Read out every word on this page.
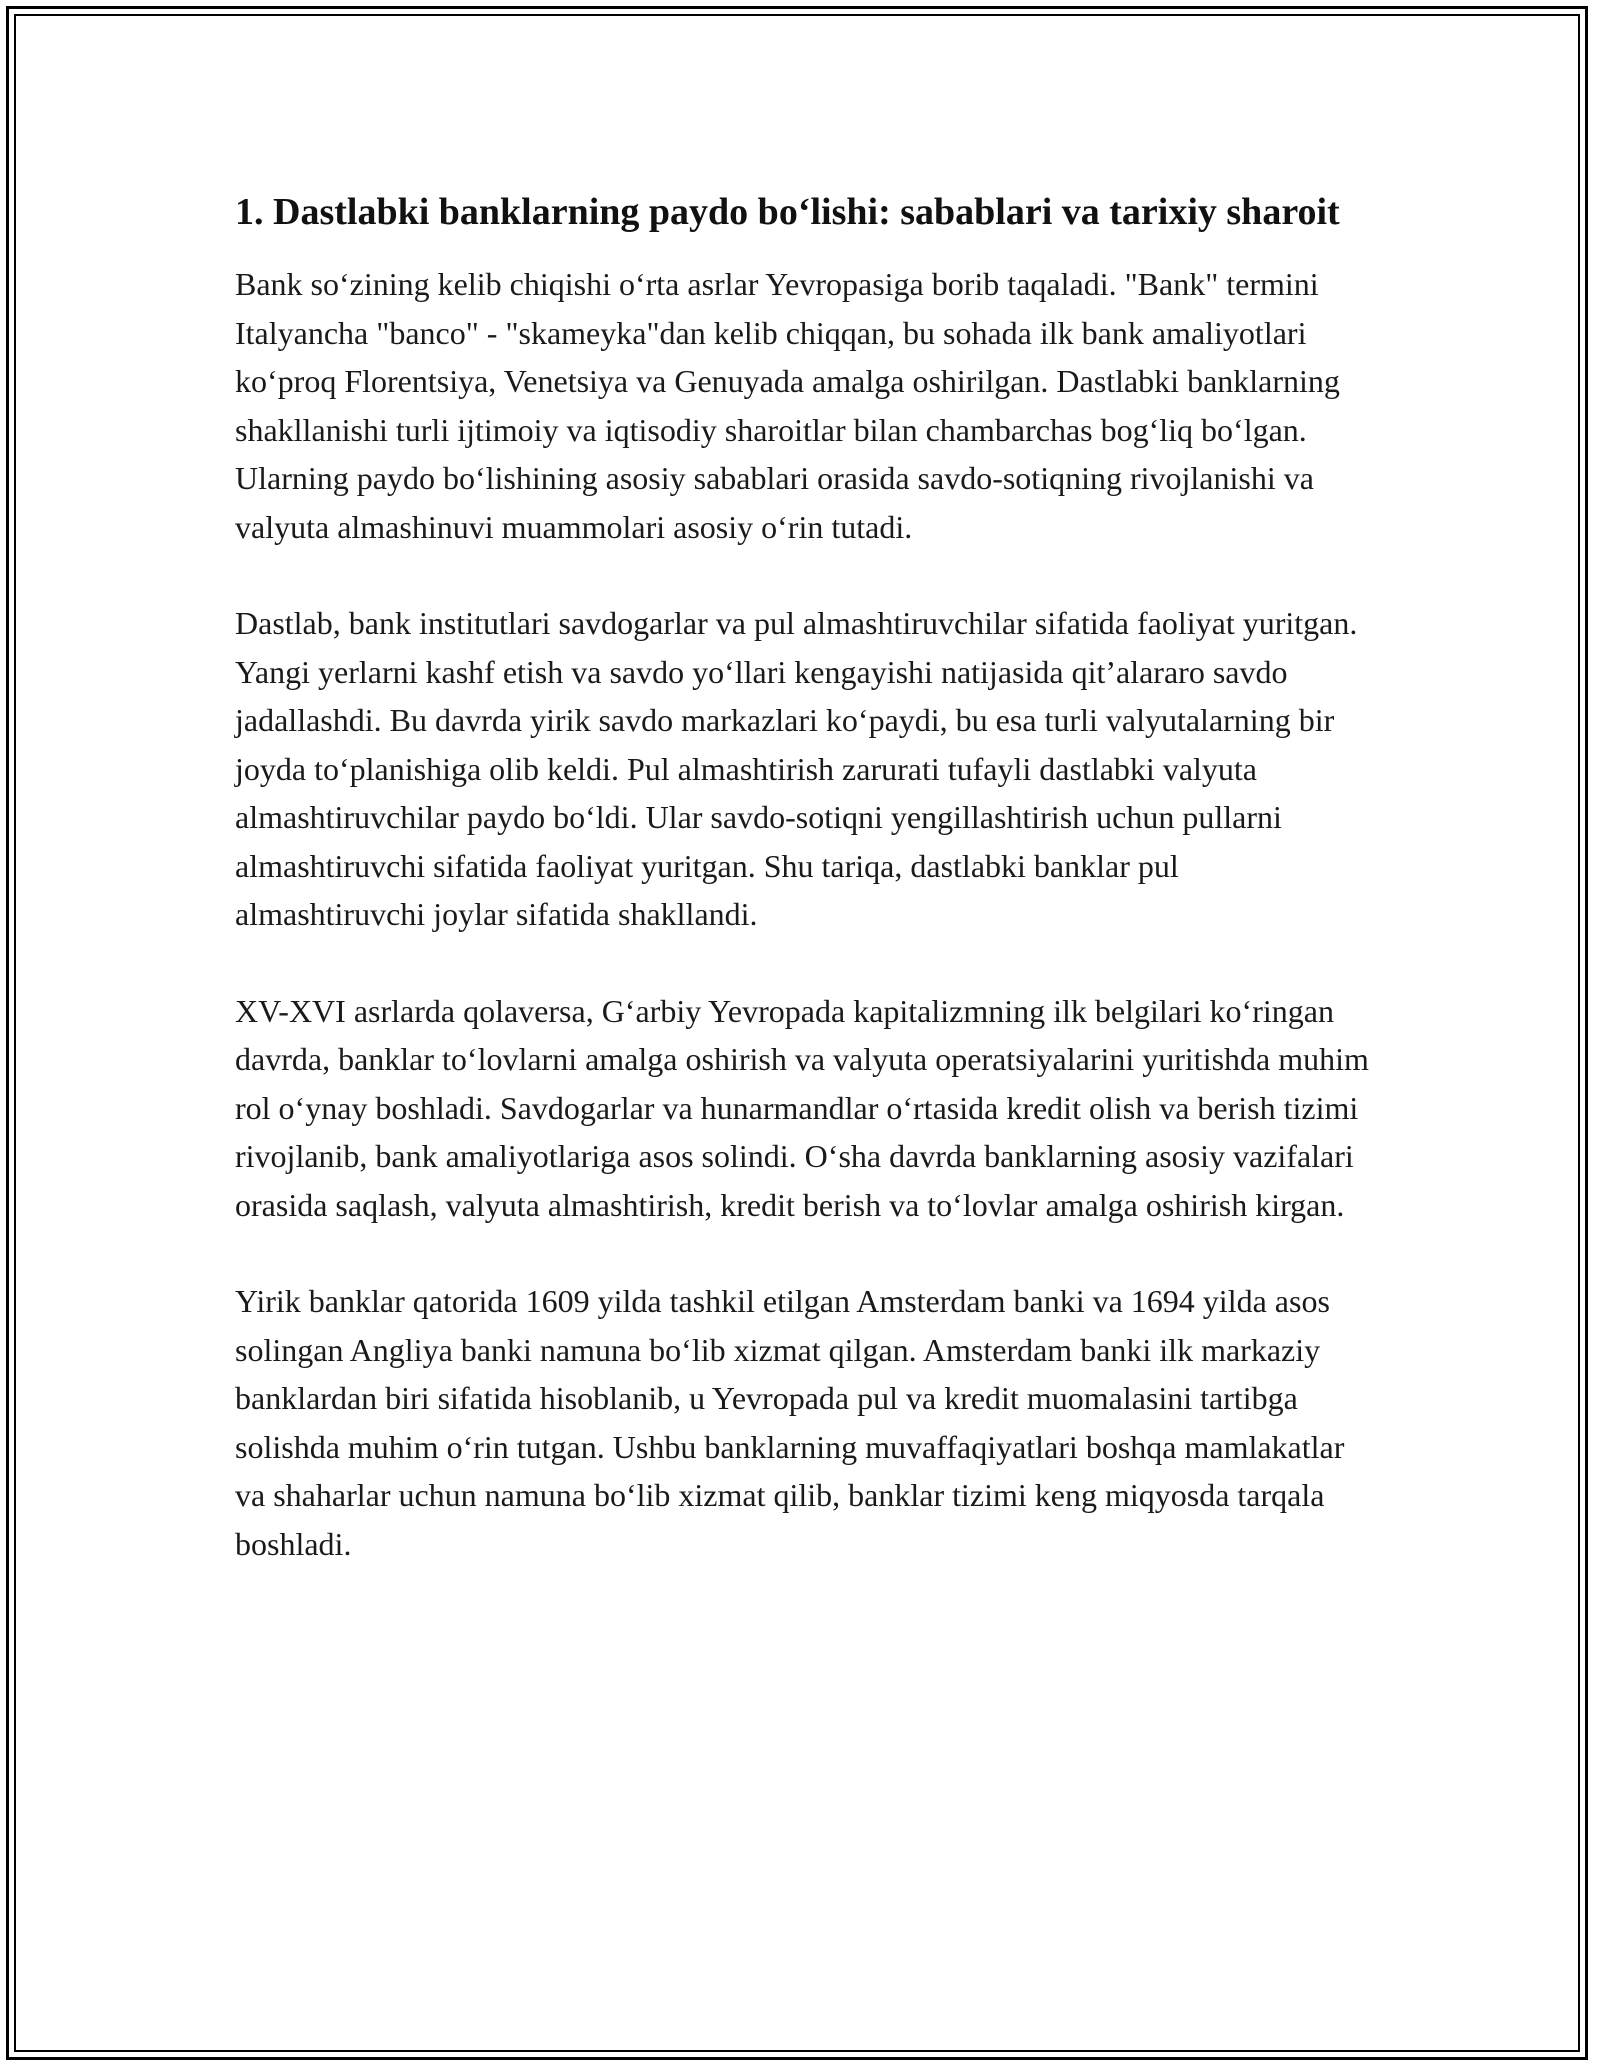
1. Dastlabki banklarning paydo bo‘lishi: sabablari va tarixiy sharoit

Bank so‘zining kelib chiqishi o‘rta asrlar Yevropasiga borib taqaladi. "Bank" termini Italyancha "banco" - "skameyka"dan kelib chiqqan, bu sohada ilk bank amaliyotlari ko‘proq Florentsiya, Venetsiya va Genuyada amalga oshirilgan. Dastlabki banklarning shakllanishi turli ijtimoiy va iqtisodiy sharoitlar bilan chambarchas bog‘liq bo‘lgan. Ularning paydo bo‘lishining asosiy sabablari orasida savdo-sotiqning rivojlanishi va valyuta almashinuvi muammolari asosiy o‘rin tutadi.

Dastlab, bank institutlari savdogarlar va pul almashtiruvchilar sifatida faoliyat yuritgan. Yangi yerlarni kashf etish va savdo yo‘llari kengayishi natijasida qit’alararo savdo jadallashdi. Bu davrda yirik savdo markazlari ko‘paydi, bu esa turli valyutalarning bir joyda to‘planishiga olib keldi. Pul almashtirish zarurati tufayli dastlabki valyuta almashtiruvchilar paydo bo‘ldi. Ular savdo-sotiqni yengillashtirish uchun pullarni almashtiruvchi sifatida faoliyat yuritgan. Shu tariqa, dastlabki banklar pul almashtiruvchi joylar sifatida shakllandi.

XV-XVI asrlarda qolaversa, G‘arbiy Yevropada kapitalizmning ilk belgilari ko‘ringan davrda, banklar to‘lovlarni amalga oshirish va valyuta operatsiyalarini yuritishda muhim rol o‘ynay boshladi. Savdogarlar va hunarmandlar o‘rtasida kredit olish va berish tizimi rivojlanib, bank amaliyotlariga asos solindi. O‘sha davrda banklarning asosiy vazifalari orasida saqlash, valyuta almashtirish, kredit berish va to‘lovlar amalga oshirish kirgan.

Yirik banklar qatorida 1609 yilda tashkil etilgan Amsterdam banki va 1694 yilda asos solingan Angliya banki namuna bo‘lib xizmat qilgan. Amsterdam banki ilk markaziy banklardan biri sifatida hisoblanib, u Yevropada pul va kredit muomalasini tartibga solishda muhim o‘rin tutgan. Ushbu banklarning muvaffaqiyatlari boshqa mamlakatlar va shaharlar uchun namuna bo‘lib xizmat qilib, banklar tizimi keng miqyosda tarqala boshladi.
